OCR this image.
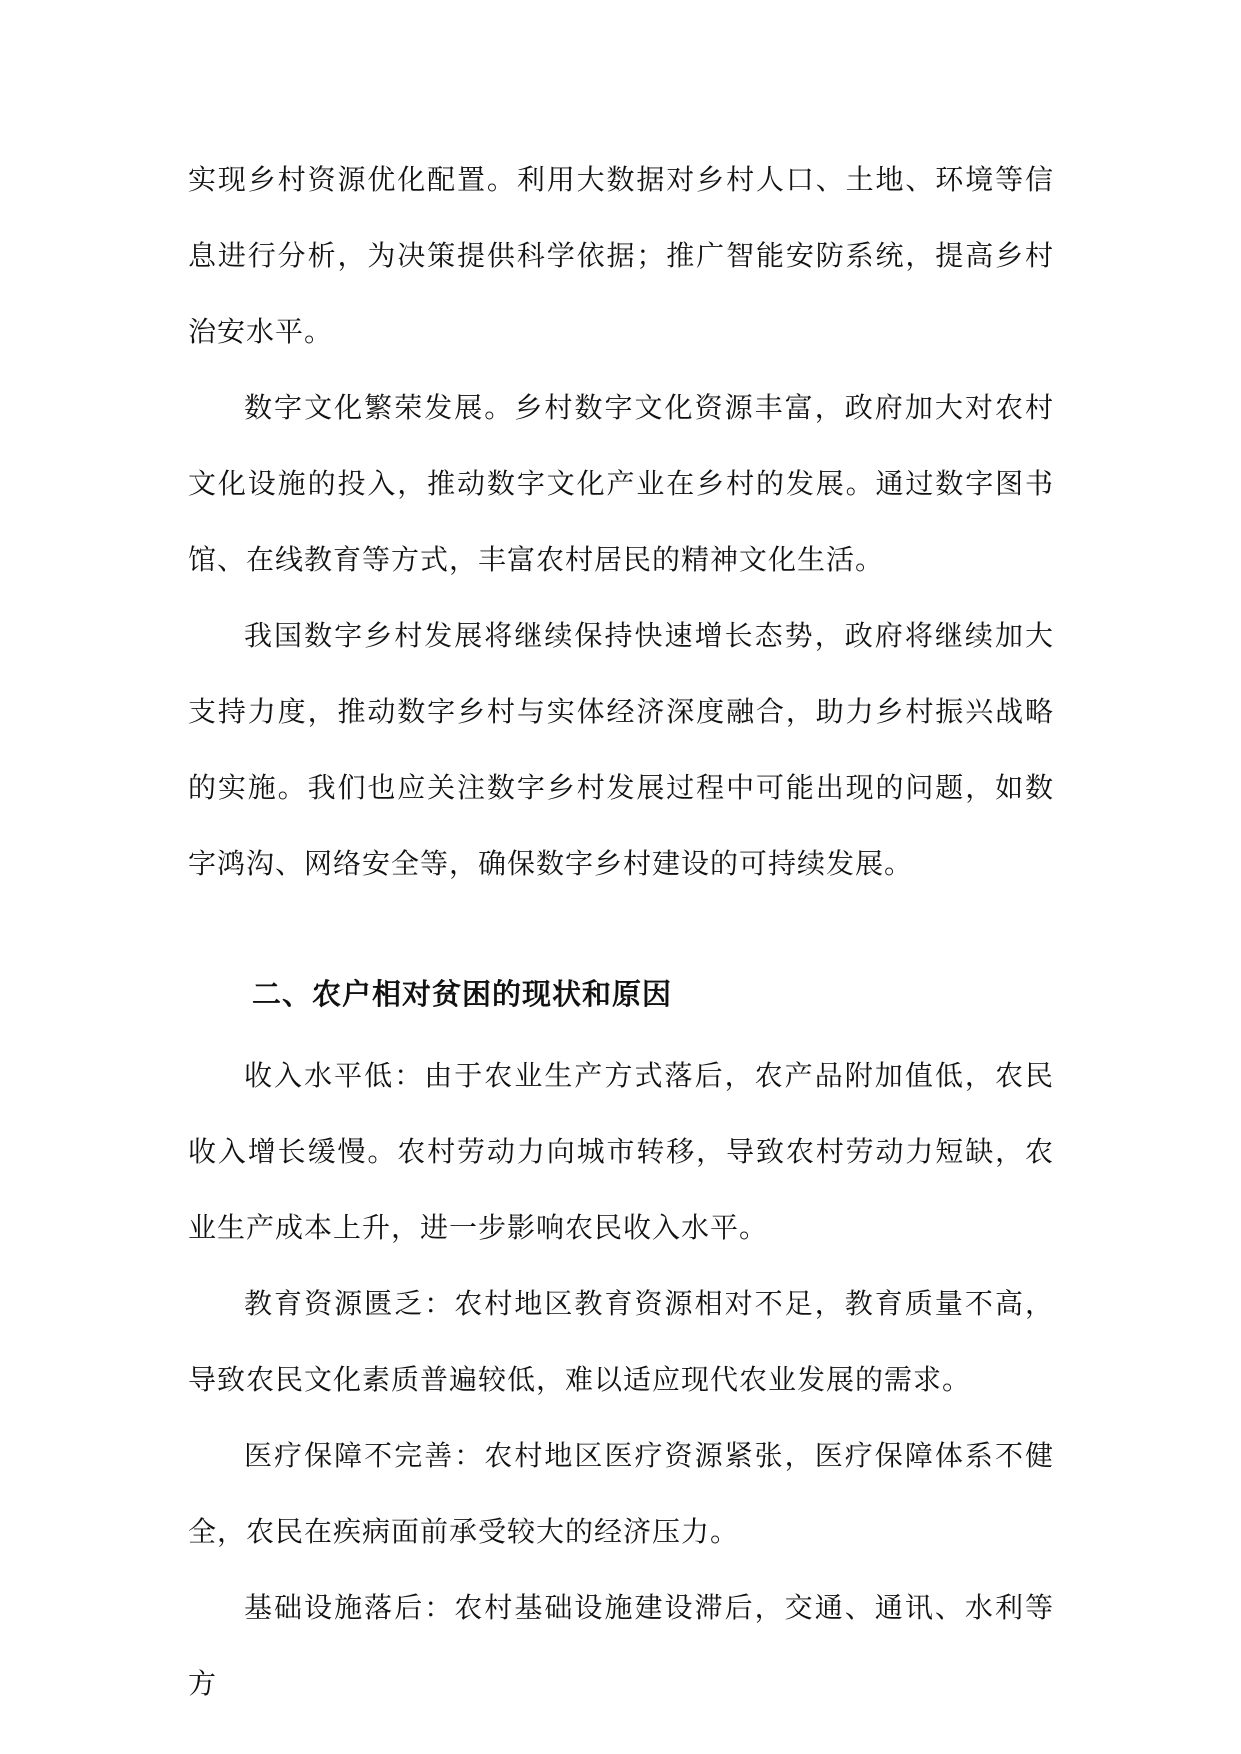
实现乡村资源优化配置。利用大数据对乡村人口、土地、环境等信息进行分析，为决策提供科学依据；推广智能安防系统，提高乡村治安水平。

数字文化繁荣发展。乡村数字文化资源丰富，政府加大对农村文化设施的投入，推动数字文化产业在乡村的发展。通过数字图书馆、在线教育等方式，丰富农村居民的精神文化生活。

我国数字乡村发展将继续保持快速增长态势，政府将继续加大支持力度，推动数字乡村与实体经济深度融合，助力乡村振兴战略的实施。我们也应关注数字乡村发展过程中可能出现的问题，如数字鸿沟、网络安全等，确保数字乡村建设的可持续发展。

二、农户相对贫困的现状和原因

收入水平低：由于农业生产方式落后，农产品附加值低，农民收入增长缓慢。农村劳动力向城市转移，导致农村劳动力短缺，农业生产成本上升，进一步影响农民收入水平。

教育资源匮乏：农村地区教育资源相对不足，教育质量不高，导致农民文化素质普遍较低，难以适应现代农业发展的需求。

医疗保障不完善：农村地区医疗资源紧张，医疗保障体系不健全，农民在疾病面前承受较大的经济压力。

基础设施落后：农村基础设施建设滞后，交通、通讯、水利等方
